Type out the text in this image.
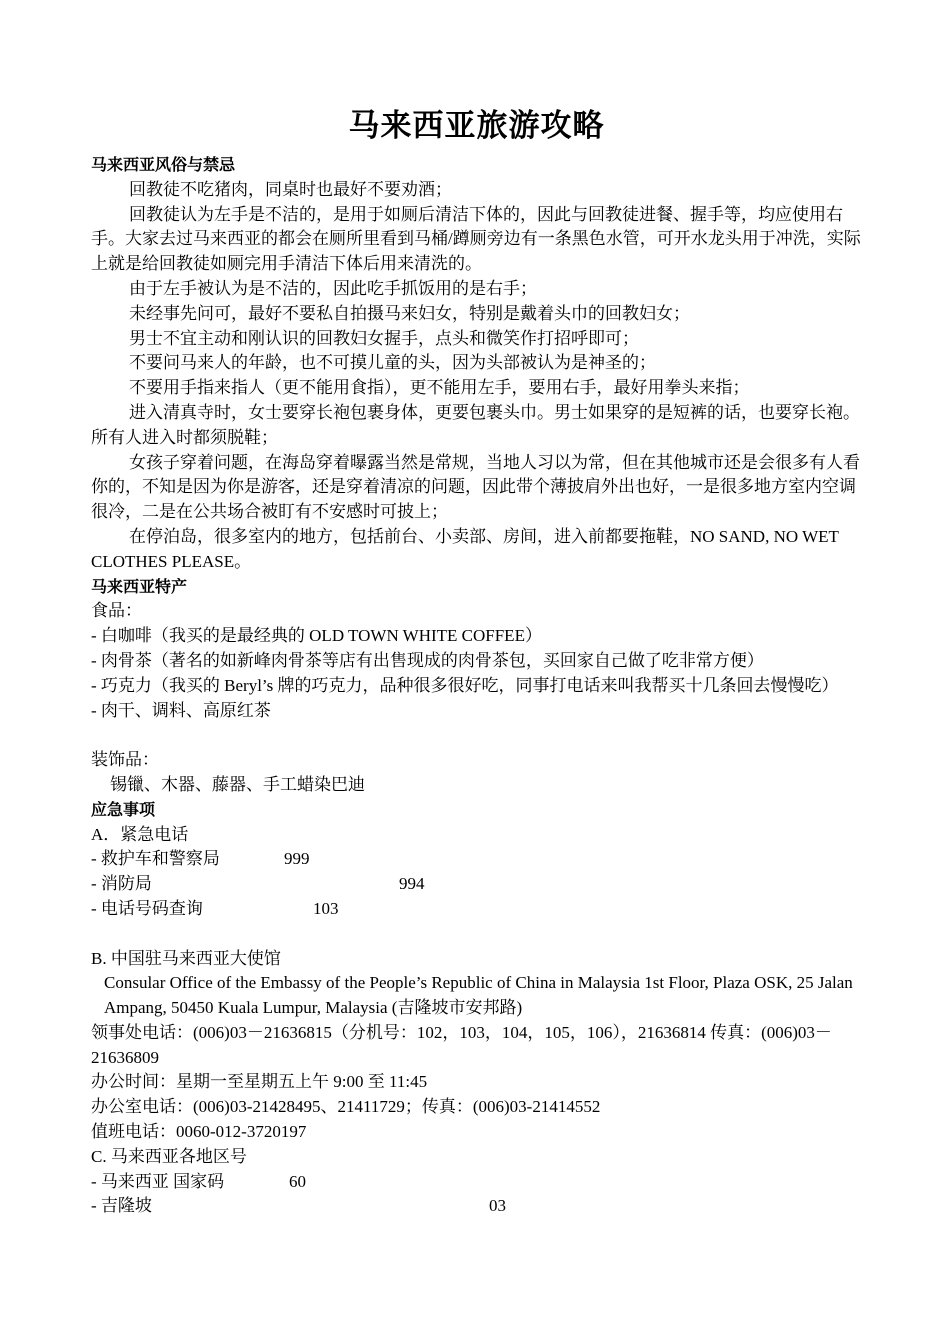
马来西亚旅游攻略
马来西亚风俗与禁忌

回教徒不吃猪肉，同桌时也最好不要劝酒；

回教徒认为左手是不洁的，是用于如厕后清洁下体的，因此与回教徒进餐、握手等，均应使用右手。大家去过马来西亚的都会在厕所里看到马桶/蹲厕旁边有一条黑色水管，可开水龙头用于冲洗，实际上就是给回教徒如厕完用手清洁下体后用来清洗的。

由于左手被认为是不洁的，因此吃手抓饭用的是右手；

未经事先问可，最好不要私自拍摄马来妇女，特别是戴着头巾的回教妇女；

男士不宜主动和刚认识的回教妇女握手，点头和微笑作打招呼即可；

不要问马来人的年龄，也不可摸儿童的头，因为头部被认为是神圣的；

不要用手指来指人（更不能用食指），更不能用左手，要用右手，最好用拳头来指；

进入清真寺时，女士要穿长袍包裹身体，更要包裹头巾。男士如果穿的是短裤的话，也要穿长袍。所有人进入时都须脱鞋；

女孩子穿着问题，在海岛穿着曝露当然是常规，当地人习以为常，但在其他城市还是会很多有人看你的，不知是因为你是游客，还是穿着清凉的问题，因此带个薄披肩外出也好，一是很多地方室内空调很冷，二是在公共场合被盯有不安感时可披上；

在停泊岛，很多室内的地方，包括前台、小卖部、房间，进入前都要拖鞋，NO SAND, NO WET CLOTHES PLEASE。

马来西亚特产

食品：

- 白咖啡（我买的是最经典的 OLD TOWN WHITE COFFEE）

- 肉骨茶（著名的如新峰肉骨茶等店有出售现成的肉骨茶包，买回家自己做了吃非常方便）

- 巧克力（我买的 Beryl’s 牌的巧克力，品种很多很好吃，同事打电话来叫我帮买十几条回去慢慢吃）

- 肉干、调料、高原红茶

装饰品：

锡镴、木器、藤器、手工蜡染巴迪

应急事项

A．紧急电话

- 救护车和警察局	999
- 消防局	994
- 电话号码查询	103

B. 中国驻马来西亚大使馆

Consular Office of the Embassy of the People’s Republic of China in Malaysia 1st Floor, Plaza OSK, 25 Jalan Ampang, 50450 Kuala Lumpur, Malaysia (吉隆坡市安邦路)

领事处电话：(006)03－21636815（分机号：102，103，104，105，106），21636814 传真：(006)03－21636809

办公时间：星期一至星期五上午 9:00 至 11:45

办公室电话：(006)03-21428495、21411729；传真：(006)03-21414552

值班电话：0060-012-3720197

C. 马来西亚各地区号

- 马来西亚 国家码	60
- 吉隆坡	03
